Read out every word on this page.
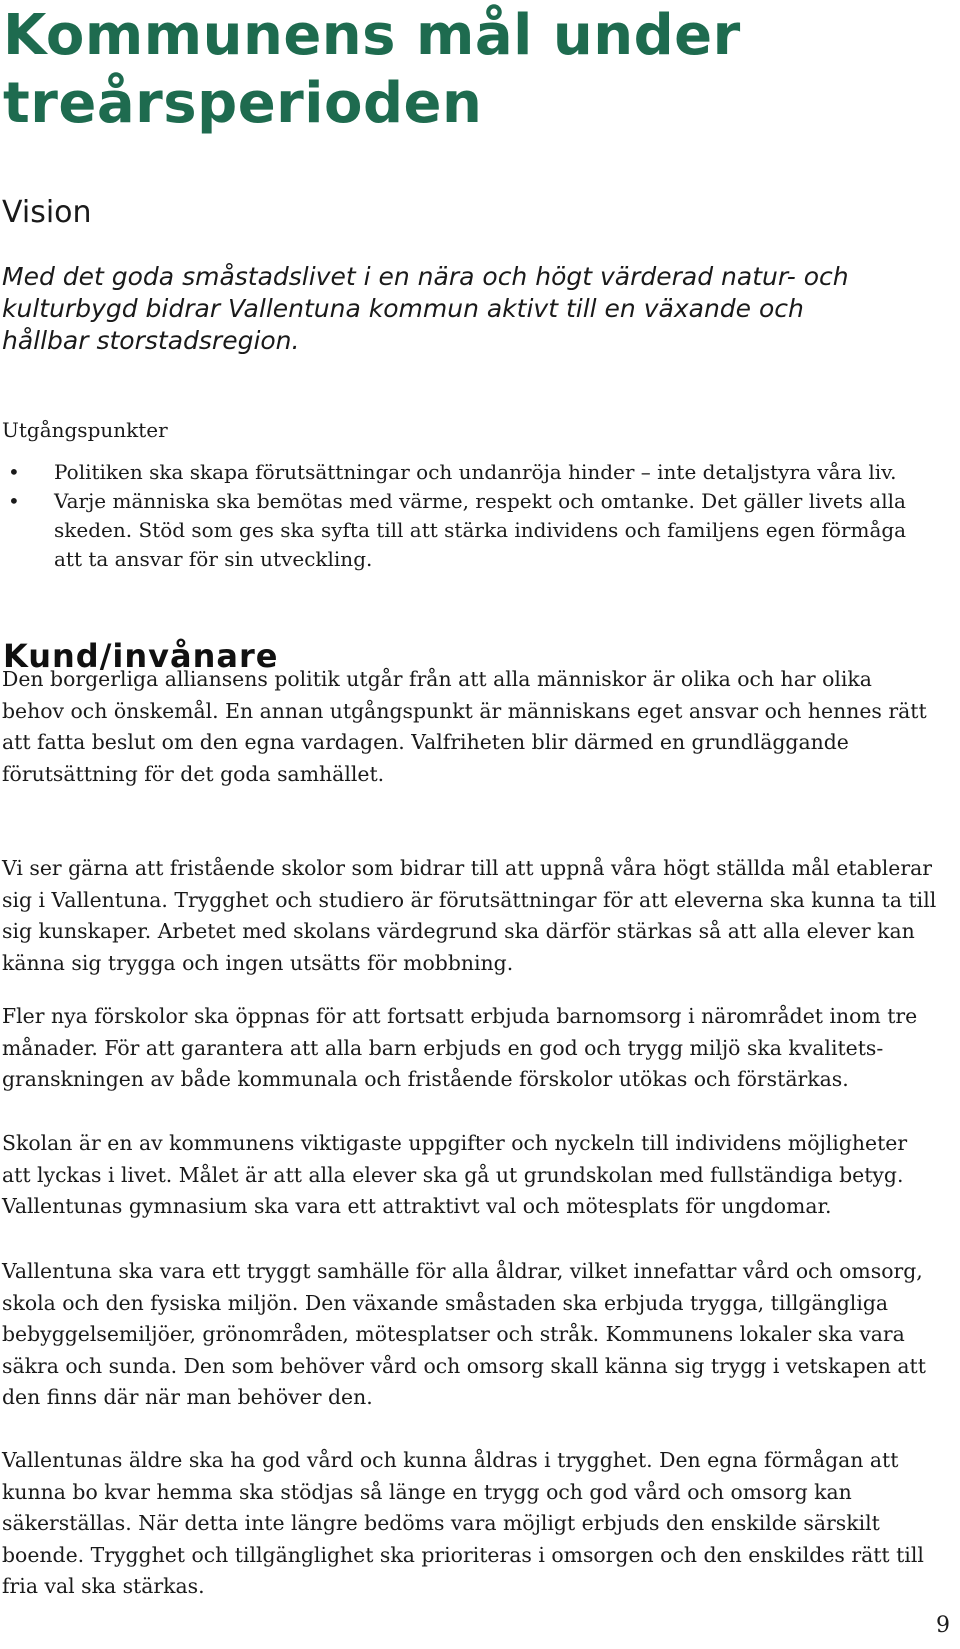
Kommunens mål under
treårsperioden
Vision

Med det goda småstadslivet i en nära och högt värderad natur- och
kulturbygd bidrar Vallentuna kommun aktivt till en växande och
hållbar storstadsregion.

Utgångspunkter
• Politiken ska skapa förutsättningar och undanröja hinder – inte detaljstyra våra liv.
• Varje människa ska bemötas med värme, respekt och omtanke. Det gäller livets alla
skeden. Stöd som ges ska syfta till att stärka individens och familjens egen förmåga
att ta ansvar för sin utveckling.
Kund/invånare

Den borgerliga alliansens politik utgår från att alla människor är olika och har olika
behov och önskemål. En annan utgångspunkt är människans eget ansvar och hennes rätt
att fatta beslut om den egna vardagen. Valfriheten blir därmed en grundläggande
förutsättning för det goda samhället.

Vi ser gärna att fristående skolor som bidrar till att uppnå våra högt ställda mål etablerar
sig i Vallentuna. Trygghet och studiero är förutsättningar för att eleverna ska kunna ta till
sig kunskaper. Arbetet med skolans värdegrund ska därför stärkas så att alla elever kan
känna sig trygga och ingen utsätts för mobbning.

Fler nya förskolor ska öppnas för att fortsatt erbjuda barnomsorg i närområdet inom tre
månader. För att garantera att alla barn erbjuds en god och trygg miljö ska kvalitets-
granskningen av både kommunala och fristående förskolor utökas och förstärkas.

Skolan är en av kommunens viktigaste uppgifter och nyckeln till individens möjligheter
att lyckas i livet. Målet är att alla elever ska gå ut grundskolan med fullständiga betyg.
Vallentunas gymnasium ska vara ett attraktivt val och mötesplats för ungdomar.

Vallentuna ska vara ett tryggt samhälle för alla åldrar, vilket innefattar vård och omsorg,
skola och den fysiska miljön. Den växande småstaden ska erbjuda trygga, tillgängliga
bebyggelsemiljöer, grönområden, mötesplatser och stråk. Kommunens lokaler ska vara
säkra och sunda. Den som behöver vård och omsorg skall känna sig trygg i vetskapen att
den finns där när man behöver den.

Vallentunas äldre ska ha god vård och kunna åldras i trygghet. Den egna förmågan att
kunna bo kvar hemma ska stödjas så länge en trygg och god vård och omsorg kan
säkerställas. När detta inte längre bedöms vara möjligt erbjuds den enskilde särskilt
boende. Trygghet och tillgänglighet ska prioriteras i omsorgen och den enskildes rätt till
fria val ska stärkas.

9
